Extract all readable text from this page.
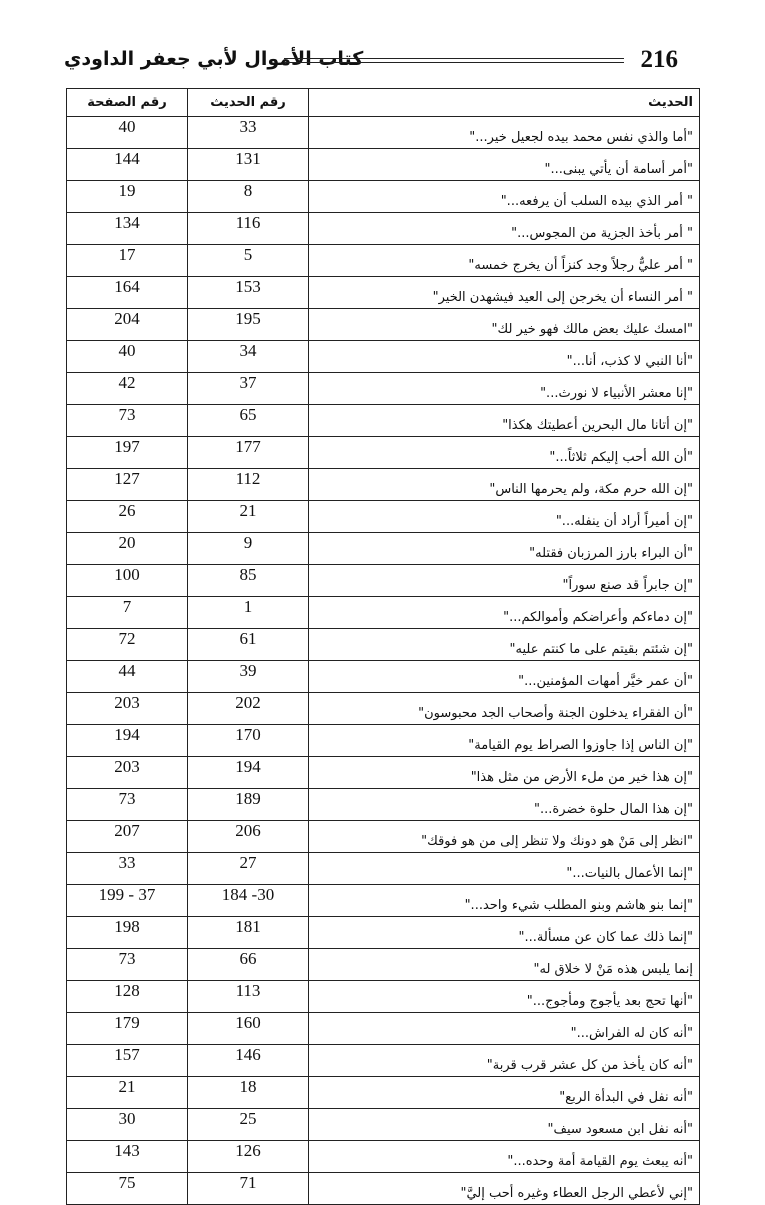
كتاب الأموال لأبي جعفر الداودي	216
الحديث	رقم الحديث	رقم الصفحة
"أما والذي نفس محمد بيده لجعيل خير..."	33	40
"أمر أسامة أن يأتي يبنى..."	131	144
" أمر الذي بيده السلب أن يرفعه..."	8	19
" أمر بأخذ الجزية من المجوس..."	116	134
" أمر عليٌّ رجلاً وجد كنزاً أن يخرج خمسه"	5	17
" أمر النساء أن يخرجن إلى العيد فيشهدن الخير"	153	164
"امسك عليك بعض مالك فهو خير لك"	195	204
"أنا النبي لا كذب، أنا..."	34	40
"إنا معشر الأنبياء لا نورث..."	37	42
"إن أتانا مال البحرين أعطيتك هكذا"	65	73
"أن الله أحب إليكم ثلاثاً..."	177	197
"إن الله حرم مكة، ولم يحرمها الناس"	112	127
"إن أميراً أراد أن ينفله..."	21	26
"أن البراء بارز المرزبان فقتله"	9	20
"إن جابراً قد صنع سوراً"	85	100
"إن دماءكم وأعراضكم وأموالكم..."	1	7
"إن شئتم بقيتم على ما كنتم عليه"	61	72
"أن عمر خيَّر أمهات المؤمنين..."	39	44
"أن الفقراء يدخلون الجنة وأصحاب الجد محبوسون"	202	203
"إن الناس إذا جاوزوا الصراط يوم القيامة"	170	194
"إن هذا خير من ملء الأرض من مثل هذا"	194	203
"إن هذا المال حلوة خضرة..."	189	73
"انظر إلى مَنْ هو دونك ولا تنظر إلى من هو فوقك"	206	207
"إنما الأعمال بالنيات..."	27	33
"إنما بنو هاشم وبنو المطلب شيء واحد..."	30- 184	37 - 199
"إنما ذلك عما كان عن مسألة..."	181	198
إنما يلبس هذه مَنْ لا خلاق له"	66	73
"أنها تحج بعد يأجوج ومأجوج..."	113	128
"أنه كان له الفراش..."	160	179
"أنه كان يأخذ من كل عشر قرب قربة"	146	157
"أنه نفل في البدأة الربع"	18	21
"أنه نفل ابن مسعود سيف"	25	30
"أنه يبعث يوم القيامة أمة وحده..."	126	143
"إني لأعطي الرجل العطاء وغيره أحب إليَّ"	71	75
